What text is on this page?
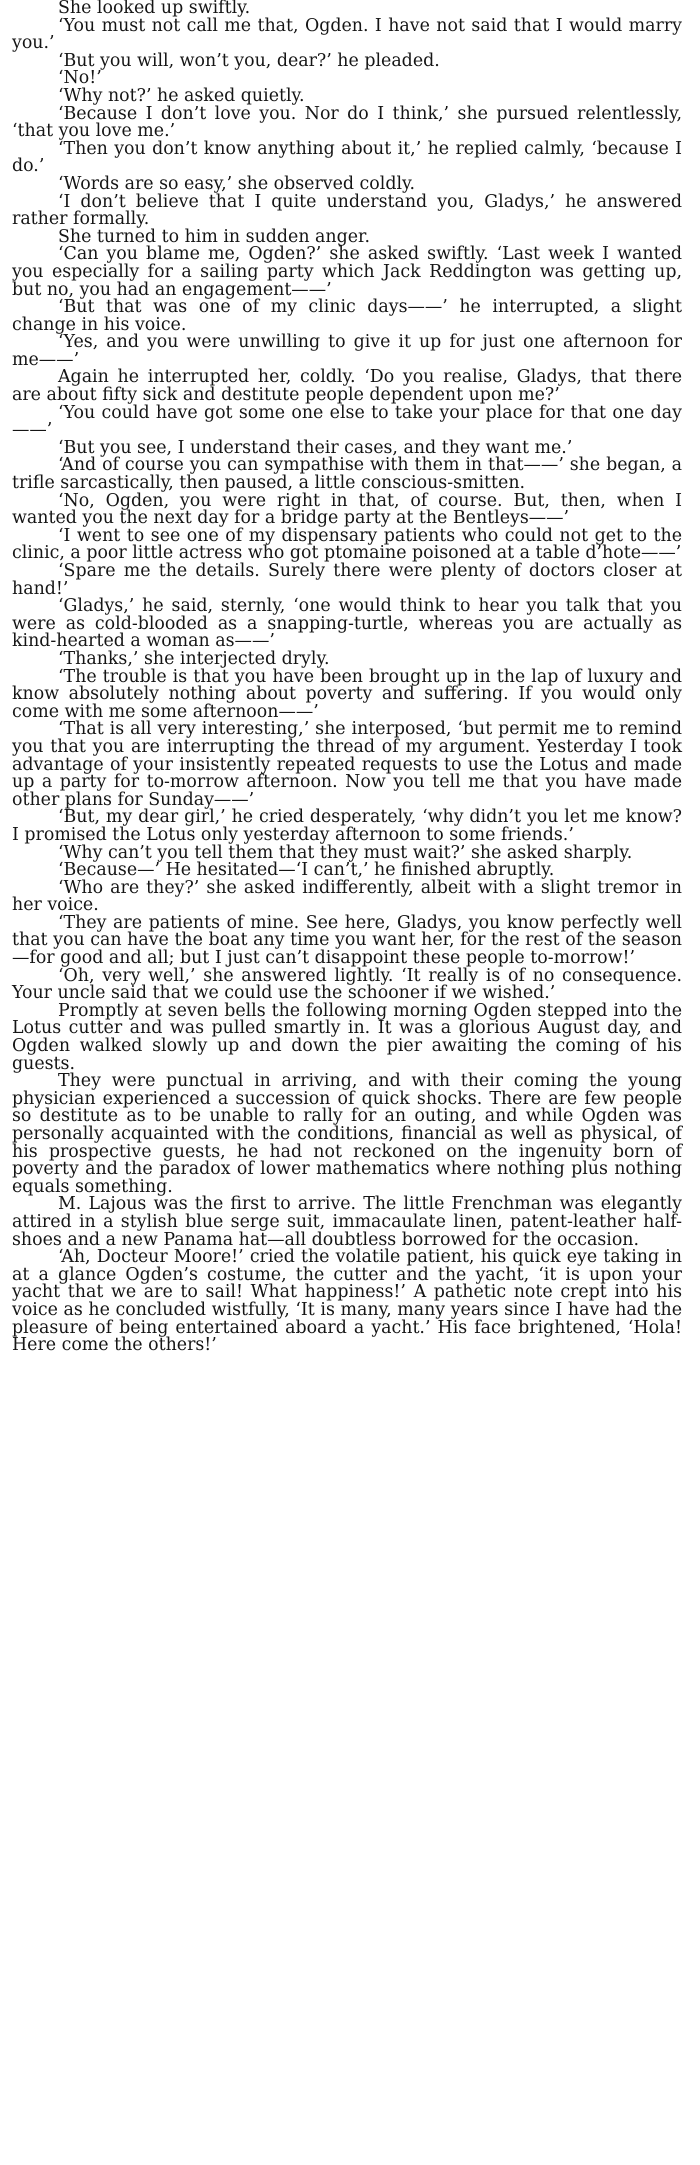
She looked up swiftly.

‘You must not call me that, Ogden. I have not said that I would marry you.’

‘But you will, won’t you, dear?’ he pleaded.

‘No!’

‘Why not?’ he asked quietly.

‘Because I don’t love you. Nor do I think,’ she pursued relentlessly, ‘that you love me.’

‘Then you don’t know anything about it,’ he replied calmly, ‘because I do.’

‘Words are so easy,’ she observed coldly.

‘I don’t believe that I quite understand you, Gladys,’ he answered rather formally.

She turned to him in sudden anger.

‘Can you blame me, Ogden?’ she asked swiftly. ‘Last week I wanted you especially for a sailing party which Jack Reddington was getting up, but no, you had an engagement——’

‘But that was one of my clinic days——’ he interrupted, a slight change in his voice.

‘Yes, and you were unwilling to give it up for just one afternoon for me——’

Again he interrupted her, coldly. ‘Do you realise, Gladys, that there are about fifty sick and destitute people dependent upon me?’

‘You could have got some one else to take your place for that one day——’

‘But you see, I understand their cases, and they want me.’

‘And of course you can sympathise with them in that——’ she began, a trifle sarcastically, then paused, a little conscious-smitten.

‘No, Ogden, you were right in that, of course. But, then, when I wanted you the next day for a bridge party at the Bentleys——’

‘I went to see one of my dispensary patients who could not get to the clinic, a poor little actress who got ptomaine poisoned at a table d’hote——’

‘Spare me the details. Surely there were plenty of doctors closer at hand!’

‘Gladys,’ he said, sternly, ‘one would think to hear you talk that you were as cold-blooded as a snapping-turtle, whereas you are actually as kind-hearted a woman as——’

‘Thanks,’ she interjected dryly.

‘The trouble is that you have been brought up in the lap of luxury and know absolutely nothing about poverty and suffering. If you would only come with me some afternoon——’

‘That is all very interesting,’ she interposed, ‘but permit me to remind you that you are interrupting the thread of my argument. Yesterday I took advantage of your insistently repeated requests to use the Lotus and made up a party for to-morrow afternoon. Now you tell me that you have made other plans for Sunday——’

‘But, my dear girl,’ he cried desperately, ‘why didn’t you let me know? I promised the Lotus only yesterday afternoon to some friends.’

‘Why can’t you tell them that they must wait?’ she asked sharply.

‘Because—’ He hesitated—‘I can’t,’ he finished abruptly.

‘Who are they?’ she asked indifferently, albeit with a slight tremor in her voice.

‘They are patients of mine. See here, Gladys, you know perfectly well that you can have the boat any time you want her, for the rest of the season—for good and all; but I just can’t disappoint these people to-morrow!’

‘Oh, very well,’ she answered lightly. ‘It really is of no consequence. Your uncle said that we could use the schooner if we wished.’

Promptly at seven bells the following morning Ogden stepped into the Lotus cutter and was pulled smartly in. It was a glorious August day, and Ogden walked slowly up and down the pier awaiting the coming of his guests.

They were punctual in arriving, and with their coming the young physician experienced a succession of quick shocks. There are few people so destitute as to be unable to rally for an outing, and while Ogden was personally acquainted with the conditions, financial as well as physical, of his prospective guests, he had not reckoned on the ingenuity born of poverty and the paradox of lower mathematics where nothing plus nothing equals something.

M. Lajous was the first to arrive. The little Frenchman was elegantly attired in a stylish blue serge suit, immacaulate linen, patent-leather half-shoes and a new Panama hat—all doubtless borrowed for the occasion.

‘Ah, Docteur Moore!’ cried the volatile patient, his quick eye taking in at a glance Ogden’s costume, the cutter and the yacht, ‘it is upon your yacht that we are to sail! What happiness!’ A pathetic note crept into his voice as he concluded wistfully, ‘It is many, many years since I have had the pleasure of being entertained aboard a yacht.’ His face brightened, ‘Hola! Here come the others!’
